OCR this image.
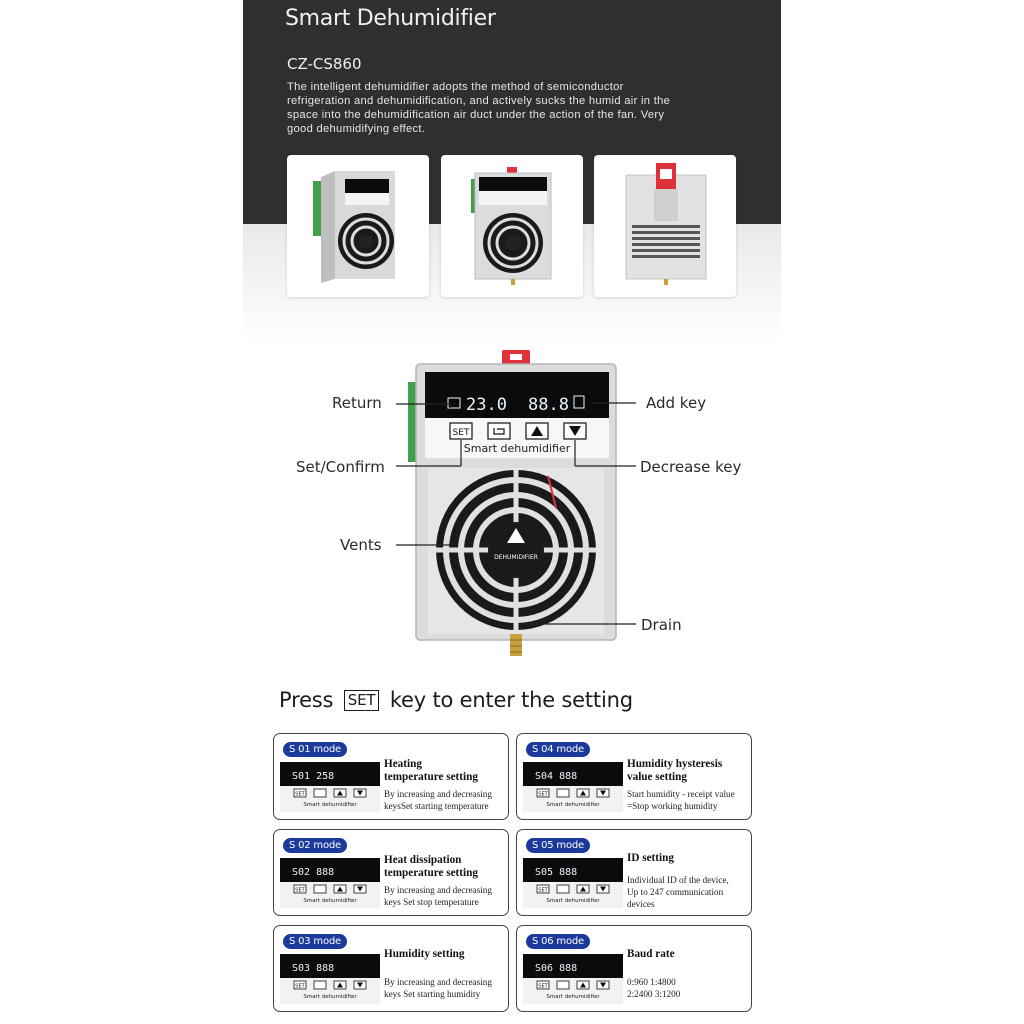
Smart Dehumidifier
CZ-CS860
The intelligent dehumidifier adopts the method of semiconductor refrigeration and dehumidification, and actively sucks the humid air in the space into the dehumidification air duct under the action of the fan. Very good dehumidifying effect.
23.0 88.8
SET
Smart dehumidifier
DEHUMIDIFIER
Return
Set/Confirm
Vents
Add key
Decrease key
Drain
Press SET key to enter the setting
S 01 mode
S01 258
SET
Smart dehumidifier
Heating
temperature setting
By increasing and decreasing
keysSet starting temperature
S 02 mode
S02 888
SET
Smart dehumidifier
Heat dissipation
temperature setting
By increasing and decreasing
keys Set stop temperature
S 03 mode
S03 888
SET
Smart dehumidifier
Humidity setting
By increasing and decreasing
keys Set starting humidity
S 04 mode
S04 888
SET
Smart dehumidifier
Humidity hysteresis
value setting
Start humidity - receipt value
=Stop working humidity
S 05 mode
S05 888
SET
Smart dehumidifier
ID setting
Individual ID of the device,
Up to 247 communication
devices
S 06 mode
S06 888
SET
Smart dehumidifier
Baud rate
0:960 1:4800
2:2400 3:1200
